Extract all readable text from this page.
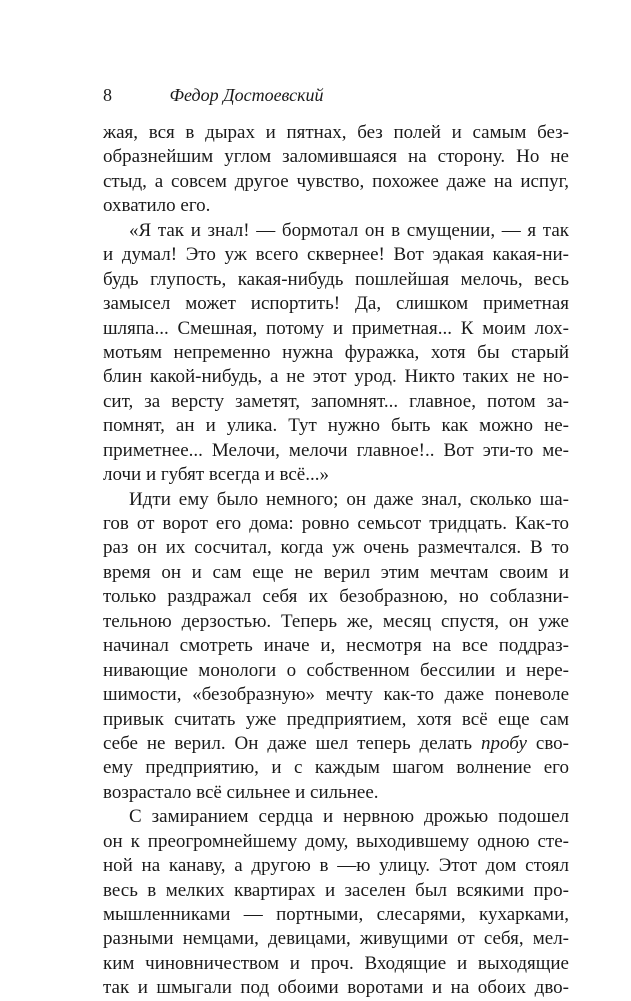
8	Федор Достоевский
жая, вся в дырах и пятнах, без полей и самым без-
образнейшим углом заломившаяся на сторону. Но не
стыд, а совсем другое чувство, похожее даже на испуг,
охватило его.
«Я так и знал! — бормотал он в смущении, — я так
и думал! Это уж всего сквернее! Вот эдакая какая-ни-
будь глупость, какая-нибудь пошлейшая мелочь, весь
замысел может испортить! Да, слишком приметная
шляпа... Смешная, потому и приметная... К моим лох-
мотьям непременно нужна фуражка, хотя бы старый
блин какой-нибудь, а не этот урод. Никто таких не но-
сит, за версту заметят, запомнят... главное, потом за-
помнят, ан и улика. Тут нужно быть как можно не-
приметнее... Мелочи, мелочи главное!.. Вот эти-то ме-
лочи и губят всегда и всё...»
Идти ему было немного; он даже знал, сколько ша-
гов от ворот его дома: ровно семьсот тридцать. Как-то
раз он их сосчитал, когда уж очень размечтался. В то
время он и сам еще не верил этим мечтам своим и
только раздражал себя их безобразною, но соблазни-
тельною дерзостью. Теперь же, месяц спустя, он уже
начинал смотреть иначе и, несмотря на все поддраз-
нивающие монологи о собственном бессилии и нере-
шимости, «безобразную» мечту как-то даже поневоле
привык считать уже предприятием, хотя всё еще сам
себе не верил. Он даже шел теперь делать пробу сво-
ему предприятию, и с каждым шагом волнение его
возрастало всё сильнее и сильнее.
С замиранием сердца и нервною дрожью подошел
он к преогромнейшему дому, выходившему одною сте-
ной на канаву, а другою в —ю улицу. Этот дом стоял
весь в мелких квартирах и заселен был всякими про-
мышленниками — портными, слесарями, кухарками,
разными немцами, девицами, живущими от себя, мел-
ким чиновничеством и проч. Входящие и выходящие
так и шмыгали под обоими воротами и на обоих дво-
